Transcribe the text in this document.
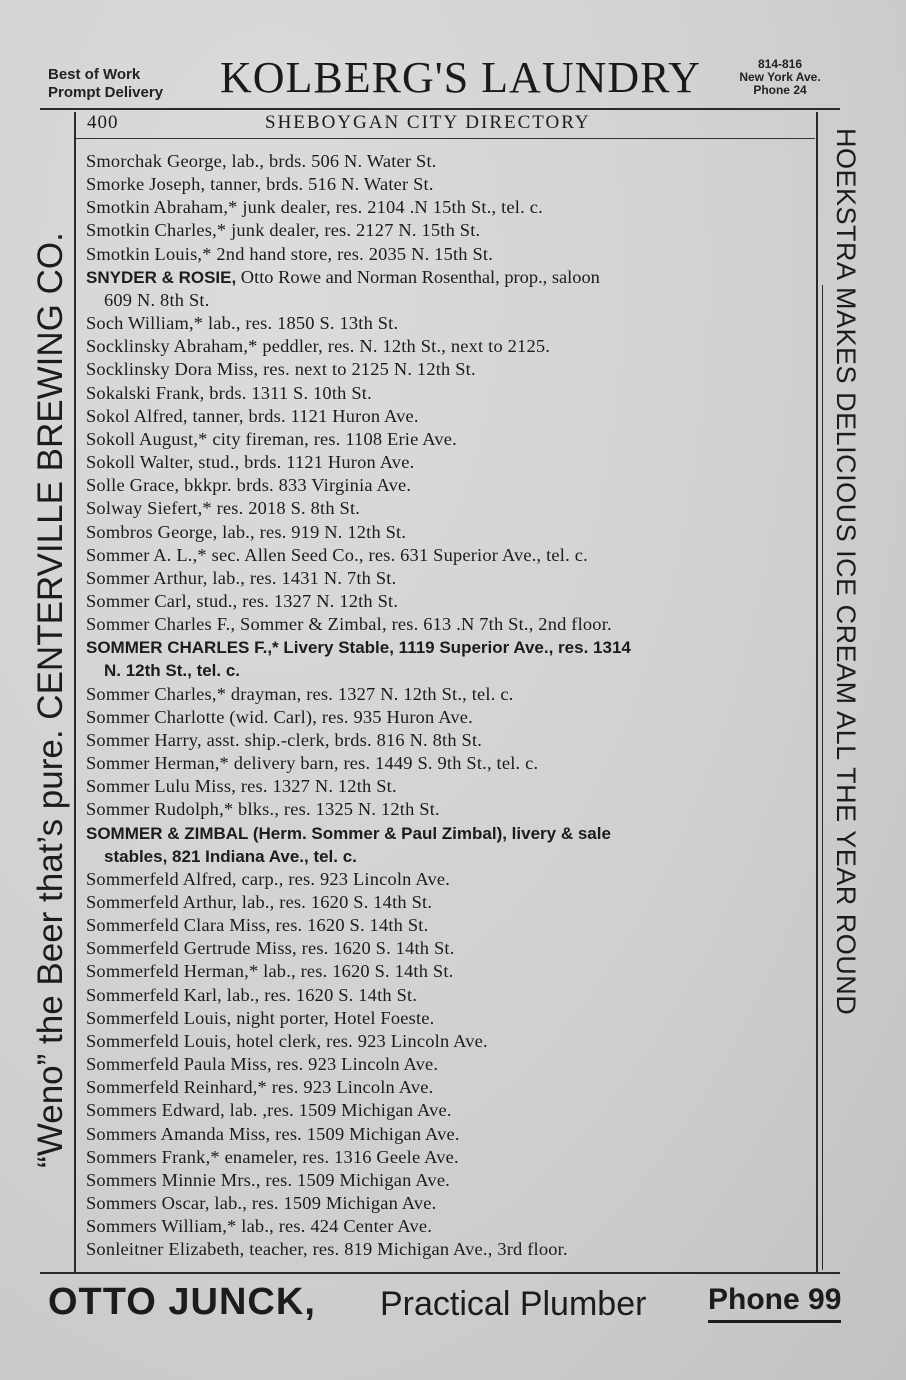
Best of Work
Prompt Delivery KOLBERG'S LAUNDRY	814-816
New York Ave.
Phone 24
400	SHEBOYGAN CITY DIRECTORY
“Weno” the Beer that’s pure. CENTERVILLE BREWING CO.	HOEKSTRA MAKES DELICIOUS ICE CREAM ALL THE YEAR ROUND
Smorchak George, lab., brds. 506 N. Water St.
Smorke Joseph, tanner, brds. 516 N. Water St.
Smotkin Abraham,* junk dealer, res. 2104 .N 15th St., tel. c.
Smotkin Charles,* junk dealer, res. 2127 N. 15th St.
Smotkin Louis,* 2nd hand store, res. 2035 N. 15th St.
SNYDER & ROSIE, Otto Rowe and Norman Rosenthal, prop., saloon
609 N. 8th St.
Soch William,* lab., res. 1850 S. 13th St.
Socklinsky Abraham,* peddler, res. N. 12th St., next to 2125.
Socklinsky Dora Miss, res. next to 2125 N. 12th St.
Sokalski Frank, brds. 1311 S. 10th St.
Sokol Alfred, tanner, brds. 1121 Huron Ave.
Sokoll August,* city fireman, res. 1108 Erie Ave.
Sokoll Walter, stud., brds. 1121 Huron Ave.
Solle Grace, bkkpr. brds. 833 Virginia Ave.
Solway Siefert,* res. 2018 S. 8th St.
Sombros George, lab., res. 919 N. 12th St.
Sommer A. L.,* sec. Allen Seed Co., res. 631 Superior Ave., tel. c.
Sommer Arthur, lab., res. 1431 N. 7th St.
Sommer Carl, stud., res. 1327 N. 12th St.
Sommer Charles F., Sommer & Zimbal, res. 613 .N 7th St., 2nd floor.
SOMMER CHARLES F.,* Livery Stable, 1119 Superior Ave., res. 1314
N. 12th St., tel. c.
Sommer Charles,* drayman, res. 1327 N. 12th St., tel. c.
Sommer Charlotte (wid. Carl), res. 935 Huron Ave.
Sommer Harry, asst. ship.-clerk, brds. 816 N. 8th St.
Sommer Herman,* delivery barn, res. 1449 S. 9th St., tel. c.
Sommer Lulu Miss, res. 1327 N. 12th St.
Sommer Rudolph,* blks., res. 1325 N. 12th St.
SOMMER & ZIMBAL (Herm. Sommer & Paul Zimbal), livery & sale
stables, 821 Indiana Ave., tel. c.
Sommerfeld Alfred, carp., res. 923 Lincoln Ave.
Sommerfeld Arthur, lab., res. 1620 S. 14th St.
Sommerfeld Clara Miss, res. 1620 S. 14th St.
Sommerfeld Gertrude Miss, res. 1620 S. 14th St.
Sommerfeld Herman,* lab., res. 1620 S. 14th St.
Sommerfeld Karl, lab., res. 1620 S. 14th St.
Sommerfeld Louis, night porter, Hotel Foeste.
Sommerfeld Louis, hotel clerk, res. 923 Lincoln Ave.
Sommerfeld Paula Miss, res. 923 Lincoln Ave.
Sommerfeld Reinhard,* res. 923 Lincoln Ave.
Sommers Edward, lab. ,res. 1509 Michigan Ave.
Sommers Amanda Miss, res. 1509 Michigan Ave.
Sommers Frank,* enameler, res. 1316 Geele Ave.
Sommers Minnie Mrs., res. 1509 Michigan Ave.
Sommers Oscar, lab., res. 1509 Michigan Ave.
Sommers William,* lab., res. 424 Center Ave.
Sonleitner Elizabeth, teacher, res. 819 Michigan Ave., 3rd floor.
OTTO JUNCK, Practical Plumber Phone 99
